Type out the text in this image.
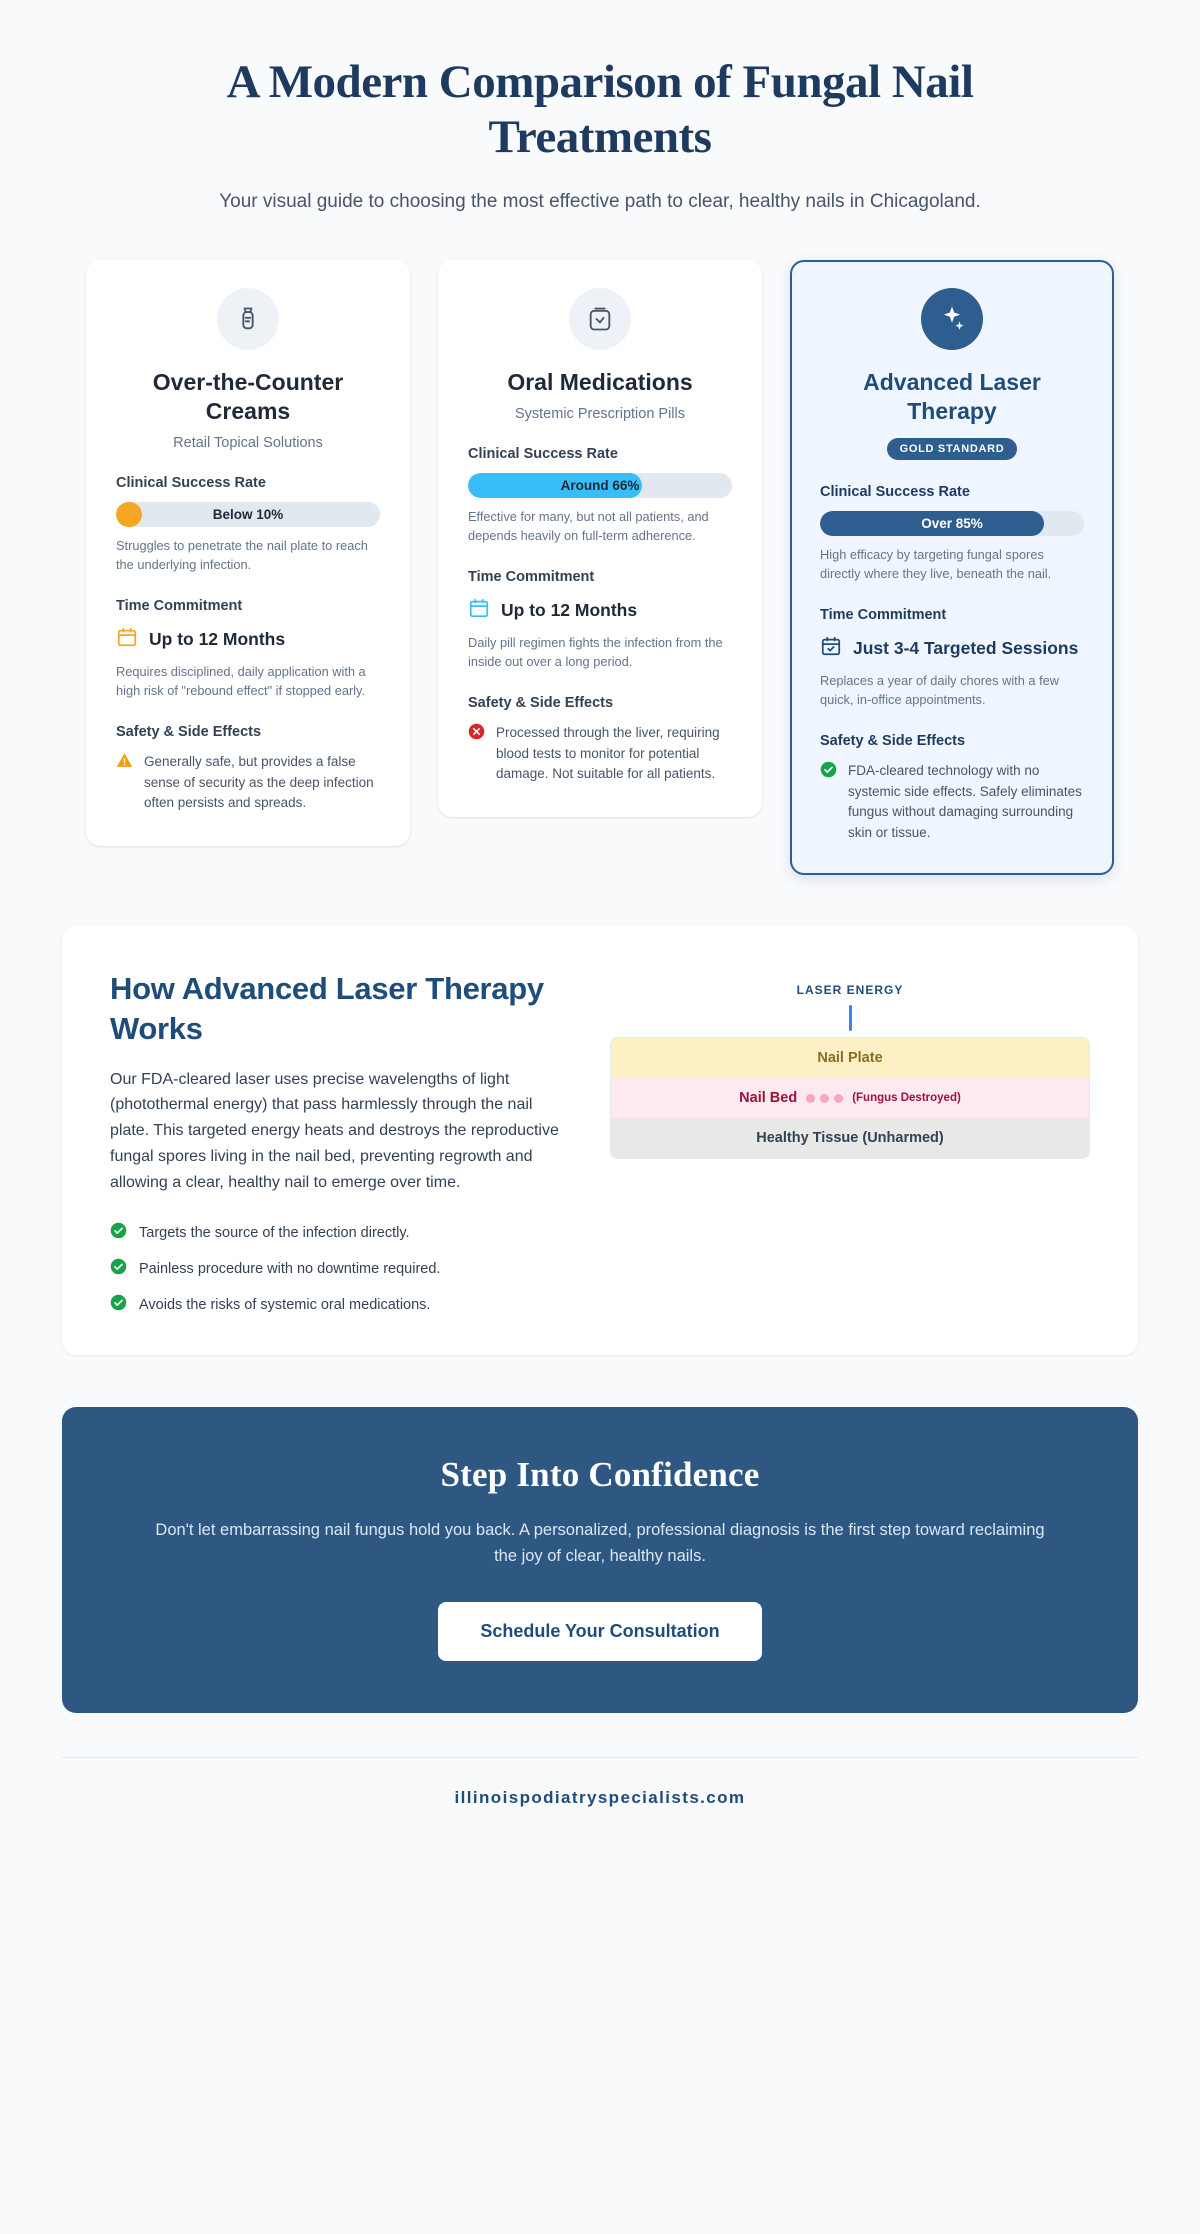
A Modern Comparison of Fungal Nail Treatments
Your visual guide to choosing the most effective path to clear, healthy nails in Chicagoland.
Over-the-Counter Creams
Retail Topical Solutions
Clinical Success Rate
Below 10%
Struggles to penetrate the nail plate to reach the underlying infection.
Time Commitment
Up to 12 Months
Requires disciplined, daily application with a high risk of "rebound effect" if stopped early.
Safety & Side Effects
Generally safe, but provides a false sense of security as the deep infection often persists and spreads.
Oral Medications
Systemic Prescription Pills
Clinical Success Rate
Around 66%
Effective for many, but not all patients, and depends heavily on full-term adherence.
Time Commitment
Up to 12 Months
Daily pill regimen fights the infection from the inside out over a long period.
Safety & Side Effects
Processed through the liver, requiring blood tests to monitor for potential damage. Not suitable for all patients.
Advanced Laser Therapy
GOLD STANDARD
Clinical Success Rate
Over 85%
High efficacy by targeting fungal spores directly where they live, beneath the nail.
Time Commitment
Just 3-4 Targeted Sessions
Replaces a year of daily chores with a few quick, in-office appointments.
Safety & Side Effects
FDA-cleared technology with no systemic side effects. Safely eliminates fungus without damaging surrounding skin or tissue.
How Advanced Laser Therapy Works

Our FDA-cleared laser uses precise wavelengths of light (photothermal energy) that pass harmlessly through the nail plate. This targeted energy heats and destroys the reproductive fungal spores living in the nail bed, preventing regrowth and allowing a clear, healthy nail to emerge over time.

Targets the source of the infection directly.
Painless procedure with no downtime required.
Avoids the risks of systemic oral medications.
LASER ENERGY
Nail Plate
Nail Bed	(Fungus Destroyed)
Healthy Tissue (Unharmed)
Step Into Confidence

Don't let embarrassing nail fungus hold you back. A personalized, professional diagnosis is the first step toward reclaiming the joy of clear, healthy nails.

Schedule Your Consultation
illinoispodiatryspecialists.com
